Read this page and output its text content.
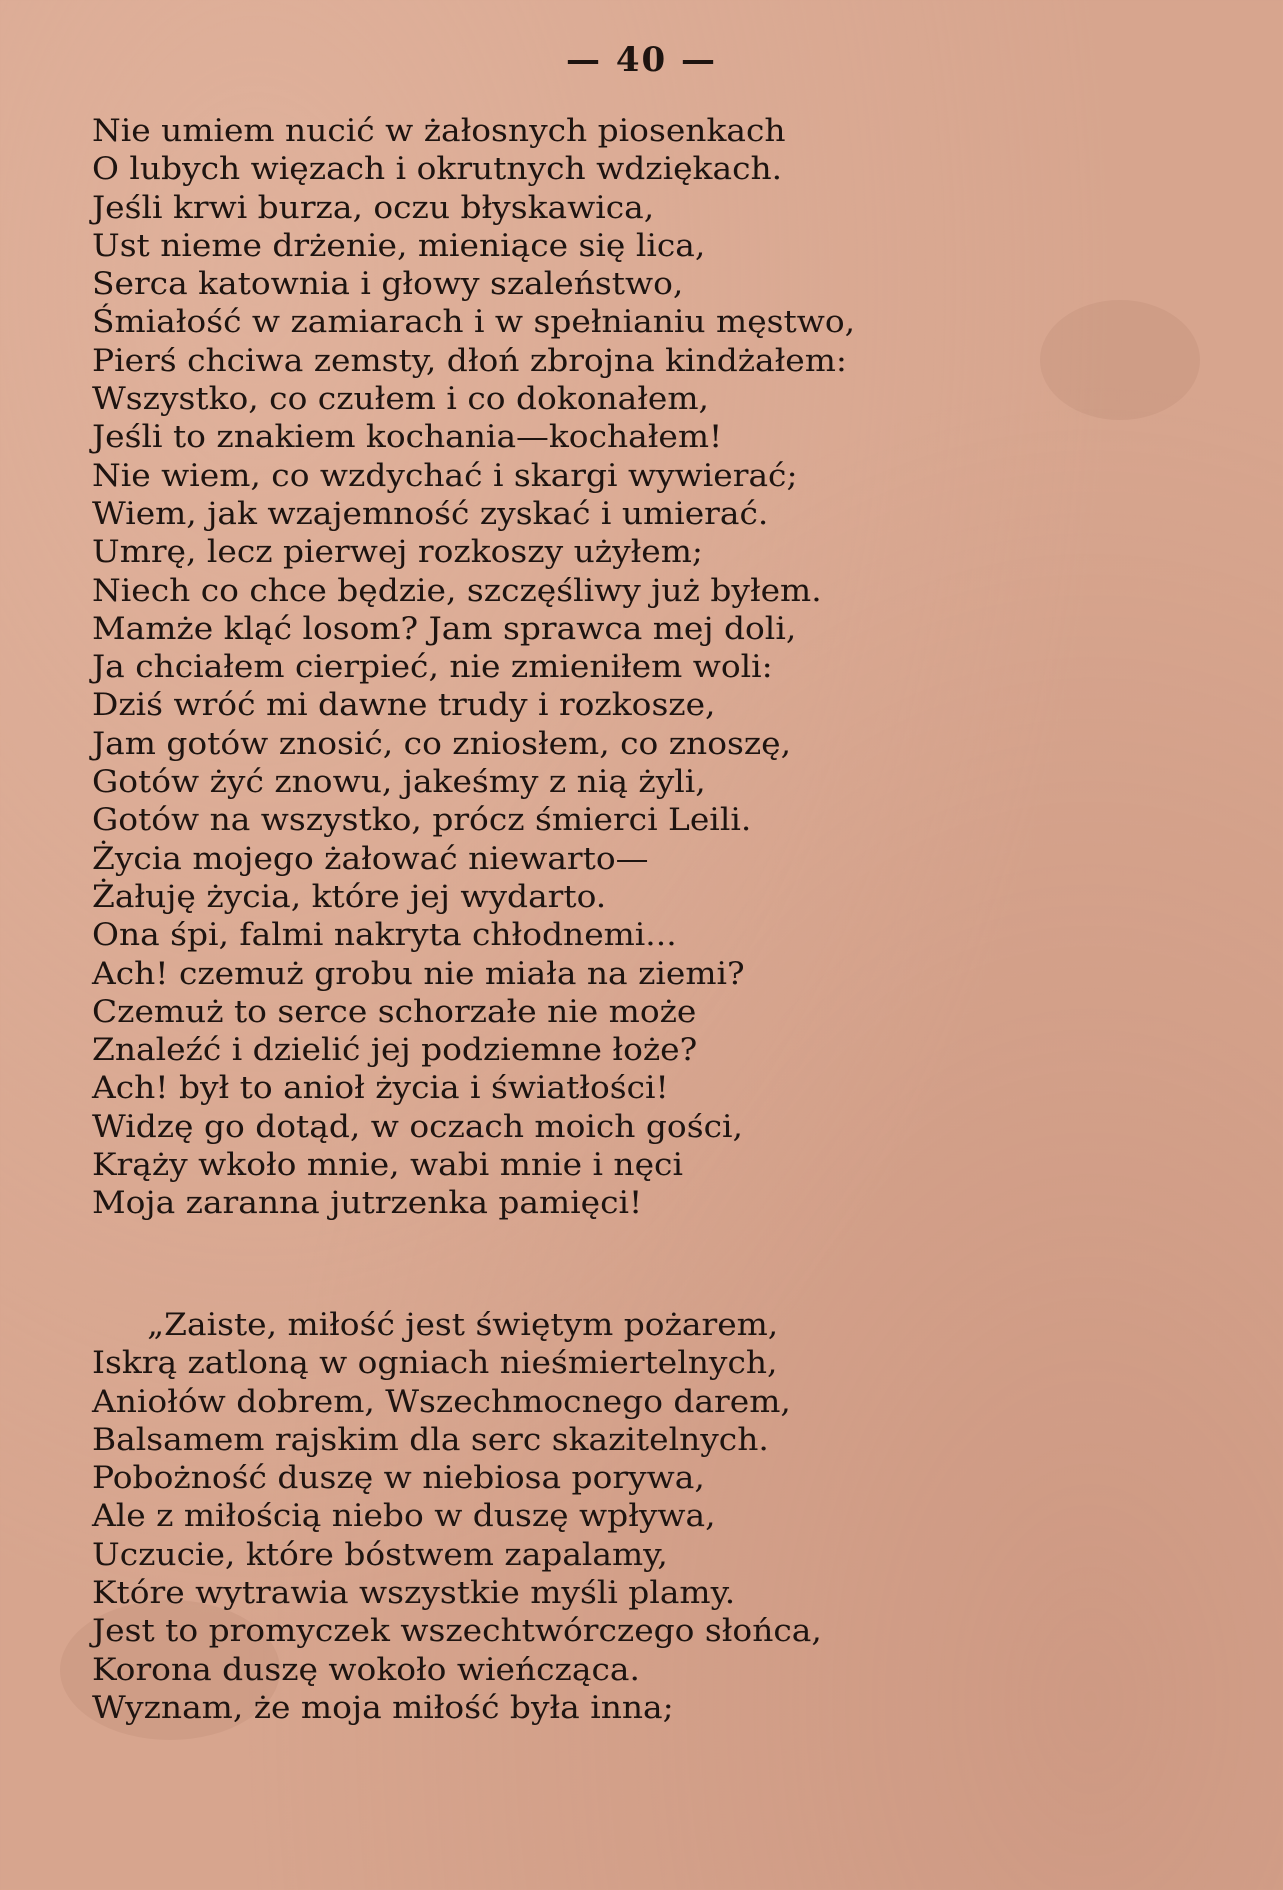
— 40 —
Nie umiem nucić w żałosnych piosenkach
O lubych więzach i okrutnych wdziękach.
Jeśli krwi burza, oczu błyskawica,
Ust nieme drżenie, mieniące się lica,
Serca katownia i głowy szaleństwo,
Śmiałość w zamiarach i w spełnianiu męstwo,
Pierś chciwa zemsty, dłoń zbrojna kindżałem:
Wszystko, co czułem i co dokonałem,
Jeśli to znakiem kochania—kochałem!
Nie wiem, co wzdychać i skargi wywierać;
Wiem, jak wzajemność zyskać i umierać.
Umrę, lecz pierwej rozkoszy użyłem;
Niech co chce będzie, szczęśliwy już byłem.
Mamże kląć losom? Jam sprawca mej doli,
Ja chciałem cierpieć, nie zmieniłem woli:
Dziś wróć mi dawne trudy i rozkosze,
Jam gotów znosić, co zniosłem, co znoszę,
Gotów żyć znowu, jakeśmy z nią żyli,
Gotów na wszystko, prócz śmierci Leili.
Życia mojego żałować niewarto—
Żałuję życia, które jej wydarto.
Ona śpi, falmi nakryta chłodnemi...
Ach! czemuż grobu nie miała na ziemi?
Czemuż to serce schorzałe nie może
Znaleźć i dzielić jej podziemne łoże?
Ach! był to anioł życia i światłości!
Widzę go dotąd, w oczach moich gości,
Krąży wkoło mnie, wabi mnie i nęci
Moja zaranna jutrzenka pamięci!
„Zaiste, miłość jest świętym pożarem,
Iskrą zatloną w ogniach nieśmiertelnych,
Aniołów dobrem, Wszechmocnego darem,
Balsamem rajskim dla serc skazitelnych.
Pobożność duszę w niebiosa porywa,
Ale z miłością niebo w duszę wpływa,
Uczucie, które bóstwem zapalamy,
Które wytrawia wszystkie myśli plamy.
Jest to promyczek wszechtwórczego słońca,
Korona duszę wokoło wieńcząca.
Wyznam, że moja miłość była inna;
